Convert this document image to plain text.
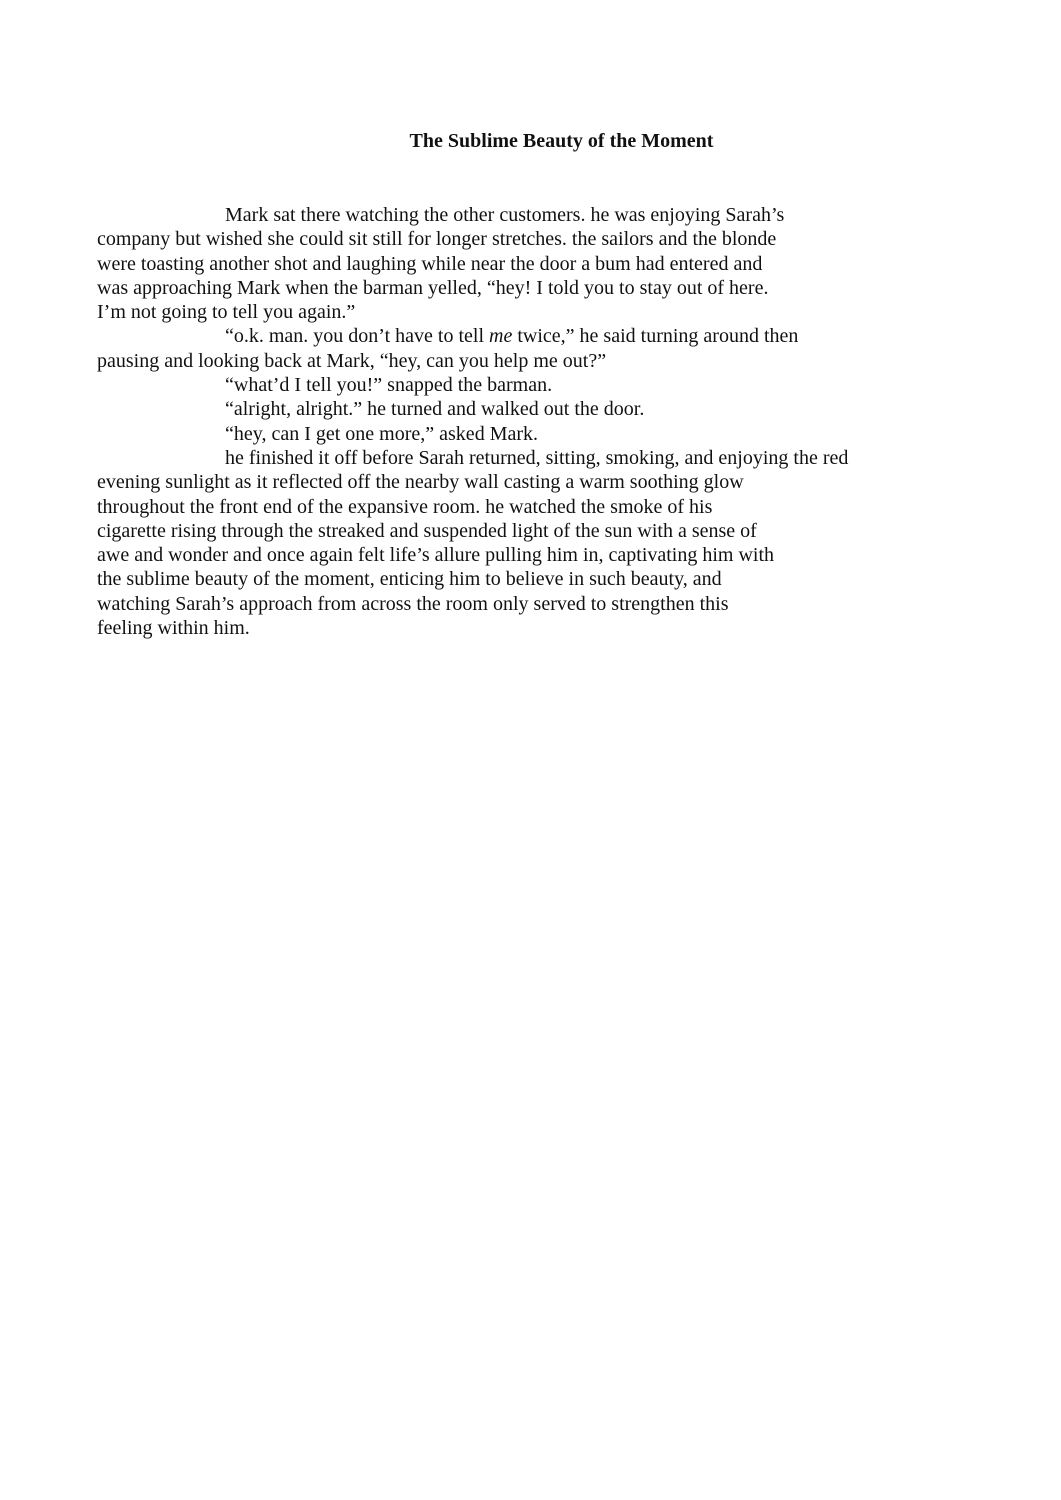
The Sublime Beauty of the Moment

Mark sat there watching the other customers. he was enjoying Sarah’s
company but wished she could sit still for longer stretches. the sailors and the blonde
were toasting another shot and laughing while near the door a bum had entered and
was approaching Mark when the barman yelled, “hey! I told you to stay out of here.
I’m not going to tell you again.”

“o.k. man. you don’t have to tell me twice,” he said turning around then
pausing and looking back at Mark, “hey, can you help me out?”

“what’d I tell you!” snapped the barman.

“alright, alright.” he turned and walked out the door.

“hey, can I get one more,” asked Mark.

he finished it off before Sarah returned, sitting, smoking, and enjoying the red
evening sunlight as it reflected off the nearby wall casting a warm soothing glow
throughout the front end of the expansive room. he watched the smoke of his
cigarette rising through the streaked and suspended light of the sun with a sense of
awe and wonder and once again felt life’s allure pulling him in, captivating him with
the sublime beauty of the moment, enticing him to believe in such beauty, and
watching Sarah’s approach from across the room only served to strengthen this
feeling within him.
